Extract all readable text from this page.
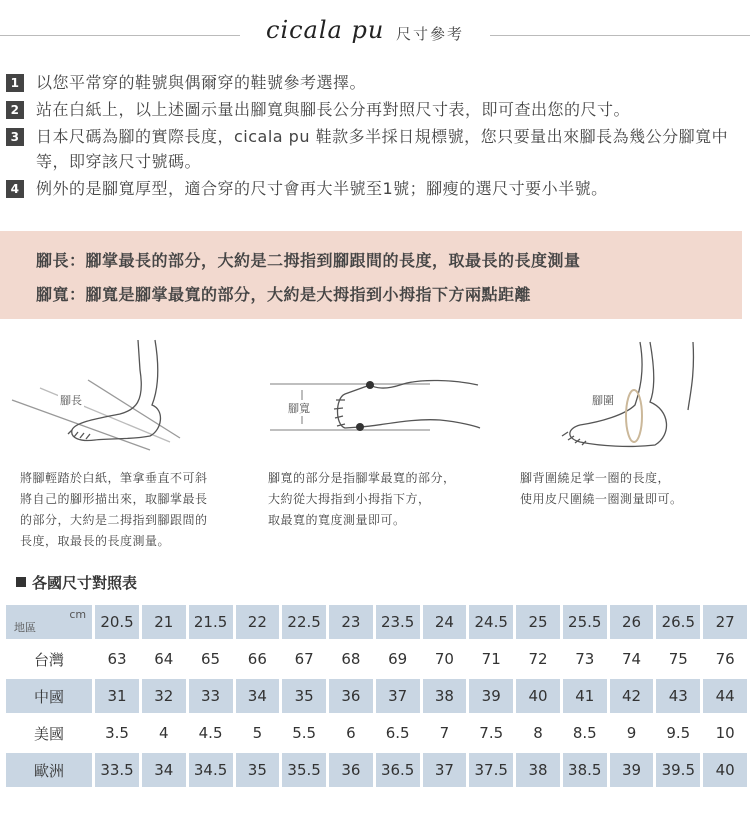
cicala pu 尺寸參考
1 以您平常穿的鞋號與偶爾穿的鞋號參考選擇。
2 站在白紙上，以上述圖示量出腳寬與腳長公分再對照尺寸表，即可查出您的尺寸。
3 日本尺碼為腳的實際長度，cicala pu 鞋款多半採日規標號，您只要量出來腳長為幾公分腳寬中等，即穿該尺寸號碼。
4 例外的是腳寬厚型，適合穿的尺寸會再大半號至1號；腳瘦的選尺寸要小半號。
腳長：腳掌最長的部分，大約是二拇指到腳跟間的長度，取最長的長度測量
腳寬：腳寬是腳掌最寬的部分，大約是大拇指到小拇指下方兩點距離
腳長
腳寬
腳圍
將腳輕踏於白紙，筆拿垂直不可斜
將自己的腳形描出來，取腳掌最長
的部分，大約是二拇指到腳跟間的
長度，取最長的長度測量。
腳寬的部分是指腳掌最寬的部分，
大約從大拇指到小拇指下方，
取最寬的寬度測量即可。
腳背圍繞足掌一圈的長度，
使用皮尺圍繞一圈測量即可。
各國尺寸對照表
cm
地區	20.5	21	21.5	22	22.5	23	23.5	24	24.5	25	25.5	26	26.5	27
台灣	63	64	65	66	67	68	69	70	71	72	73	74	75	76
中國	31	32	33	34	35	36	37	38	39	40	41	42	43	44
美國	3.5	4	4.5	5	5.5	6	6.5	7	7.5	8	8.5	9	9.5	10
歐洲	33.5	34	34.5	35	35.5	36	36.5	37	37.5	38	38.5	39	39.5	40
